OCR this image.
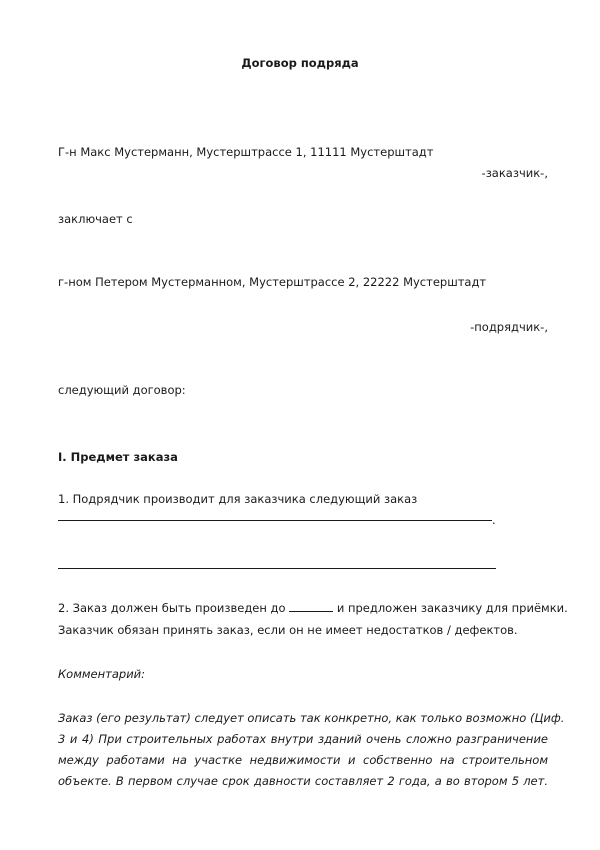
Договор подряда
Г-н Макс Мустерманн, Мустерштрассе 1, 11111 Мустерштадт
-заказчик-,
заключает с
г-ном Петером Мустерманном, Мустерштрассе 2, 22222 Мустерштадт
-подрядчик-,
следующий договор:
I. Предмет заказа
1. Подрядчик производит для заказчика следующий заказ
.
2. Заказ должен быть произведен до	и предложен заказчику для приёмки.
Заказчик обязан принять заказ, если он не имеет недостатков / дефектов.
Комментарий:
Заказ (его результат) следует описать так конкретно, как только возможно (Циф.
3 и 4) При строительных работах внутри зданий очень сложно разграничение
между работами на участке недвижимости и собственно на строительном
объекте. В первом случае срок давности составляет 2 года, а во втором 5 лет.
